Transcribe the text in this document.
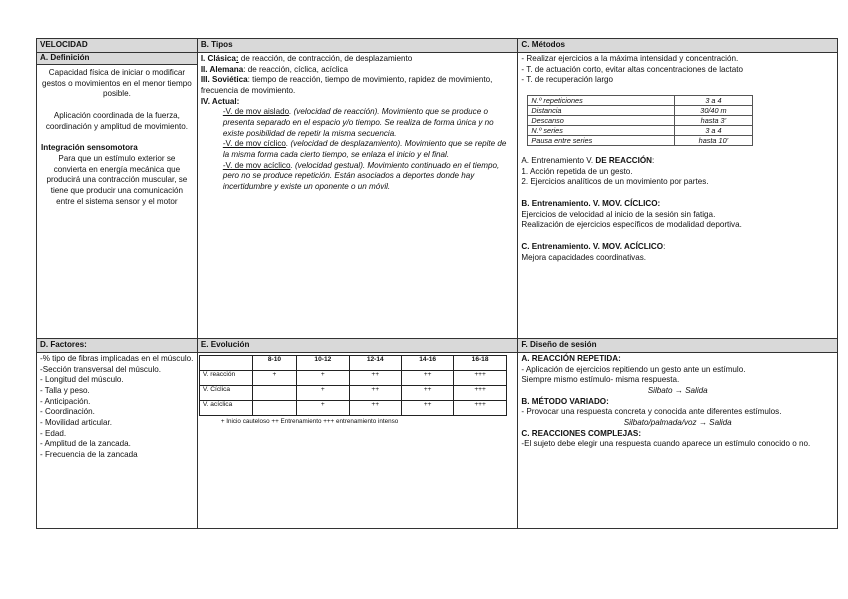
VELOCIDAD	B. Tipos	C. Métodos

A. Definición
Capacidad física de iniciar o modificar gestos o movimientos en el menor tiempo posible.
Aplicación coordinada de la fuerza, coordinación y amplitud de movimiento.
Integración sensomotora
Para que un estímulo exterior se convierta en energía mecánica que producirá una contracción muscular, se tiene que producir una comunicación entre el sistema sensor y el motor

I. Clásica: de reacción, de contracción, de desplazamiento
II. Alemana: de reacción, cíclica, acíclica
III. Soviética: tiempo de reacción, tiempo de movimiento, rapidez de movimiento, frecuencia de movimiento.
IV. Actual:
-V. de mov aislado. (velocidad de reacción). Movimiento que se produce o presenta separado en el espacio y/o tiempo. Se realiza de forma única y no existe posibilidad de repetir la misma secuencia.
-V. de mov cíclico. (velocidad de desplazamiento). Movimiento que se repite de la misma forma cada cierto tiempo, se enlaza el inicio y el final.
-V. de mov acíclico. (velocidad gestual). Movimiento continuado en el tiempo, pero no se produce repetición. Están asociados a deportes donde hay incertidumbre y existe un oponente o un móvil.

- Realizar ejercicios a la máxima intensidad y concentración.
- T. de actuación corto, evitar altas concentraciones de lactato
- T. de recuperación largo
N.º repeticiones	3 a 4
Distancia	30/40 m
Descanso	hasta 3’
N.º series	3 a 4
Pausa entre series	hasta 10’
A. Entrenamiento V. DE REACCIÓN:
1. Acción repetida de un gesto.
2. Ejercicios analíticos de un movimiento por partes.
B. Entrenamiento. V. MOV. CÍCLICO:
Ejercicios de velocidad al inicio de la sesión sin fatiga.
Realización de ejercicios específicos de modalidad deportiva.
C. Entrenamiento. V. MOV. ACÍCLICO:
Mejora capacidades coordinativas.

D. Factores:	E. Evolución	F. Diseño de sesión

-% tipo de fibras implicadas en el músculo.
-Sección transversal del músculo.
- Longitud del músculo.
- Talla y peso.
- Anticipación.
- Coordinación.
- Movilidad articular.
- Edad.
- Amplitud de la zancada.
- Frecuencia de la zancada

	8-10	10-12	12-14	14-16	16-18
V. reacción	+	+	++	++	+++
V. Cíclica		+	++	++	+++
V. acíclica		+	++	++	+++
+ Inicio cauteloso ++ Entrenamiento +++ entrenamiento intenso

A. REACCIÓN REPETIDA:
- Aplicación de ejercicios repitiendo un gesto ante un estímulo.
Siempre mismo estímulo- misma respuesta.
Silbato → Salida
B. MÉTODO VARIADO:
- Provocar una respuesta concreta y conocida ante diferentes estímulos.
Silbato/palmada/voz → Salida
C. REACCIONES COMPLEJAS:
-El sujeto debe elegir una respuesta cuando aparece un estímulo conocido o no.
